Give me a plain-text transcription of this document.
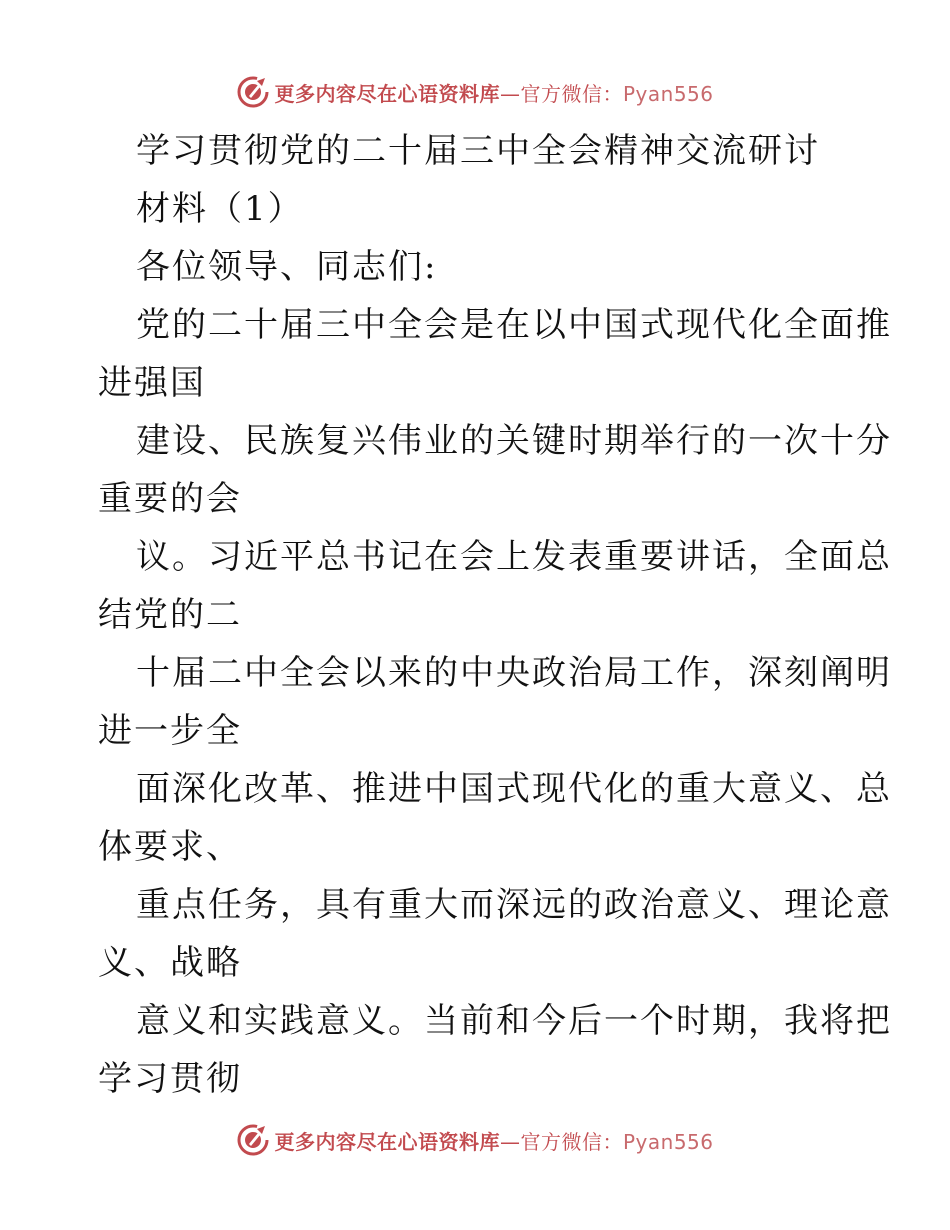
更多内容尽在心语资料库—官方微信：Pyan556
学习贯彻党的二十届三中全会精神交流研讨
材料（1）
各位领导、同志们:
党的二十届三中全会是在以中国式现代化全面推
进强国
建设、民族复兴伟业的关键时期举行的一次十分
重要的会
议。习近平总书记在会上发表重要讲话，全面总
结党的二
十届二中全会以来的中央政治局工作，深刻阐明
进一步全
面深化改革、推进中国式现代化的重大意义、总
体要求、
重点任务，具有重大而深远的政治意义、理论意
义、战略
意义和实践意义。当前和今后一个时期，我将把
学习贯彻
更多内容尽在心语资料库—官方微信：Pyan556
